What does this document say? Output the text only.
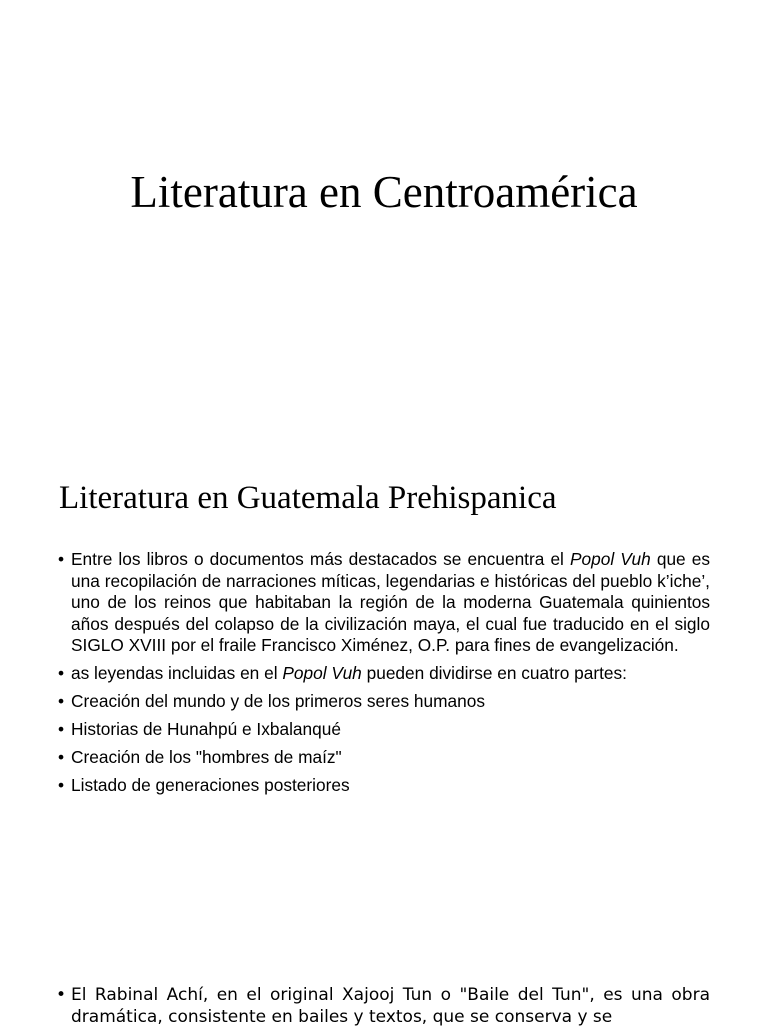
Literatura en Centroamérica
Literatura en Guatemala Prehispanica
• Entre los libros o documentos más destacados se encuentra el Popol Vuh que es una recopilación de narraciones míticas, legendarias e históricas del pueblo k’iche’, uno de los reinos que habitaban la región de la moderna Guatemala quinientos años después del colapso de la civilización maya, el cual fue traducido en el siglo SIGLO XVIII por el fraile Francisco Ximénez, O.P. para fines de evangelización.
• as leyendas incluidas en el Popol Vuh pueden dividirse en cuatro partes:
• Creación del mundo y de los primeros seres humanos
• Historias de Hunahpú e Ixbalanqué
• Creación de los "hombres de maíz"
• Listado de generaciones posteriores
• El Rabinal Achí, en el original Xajooj Tun o "Baile del Tun", es una obra dramática, consistente en bailes y textos, que se conserva y se
